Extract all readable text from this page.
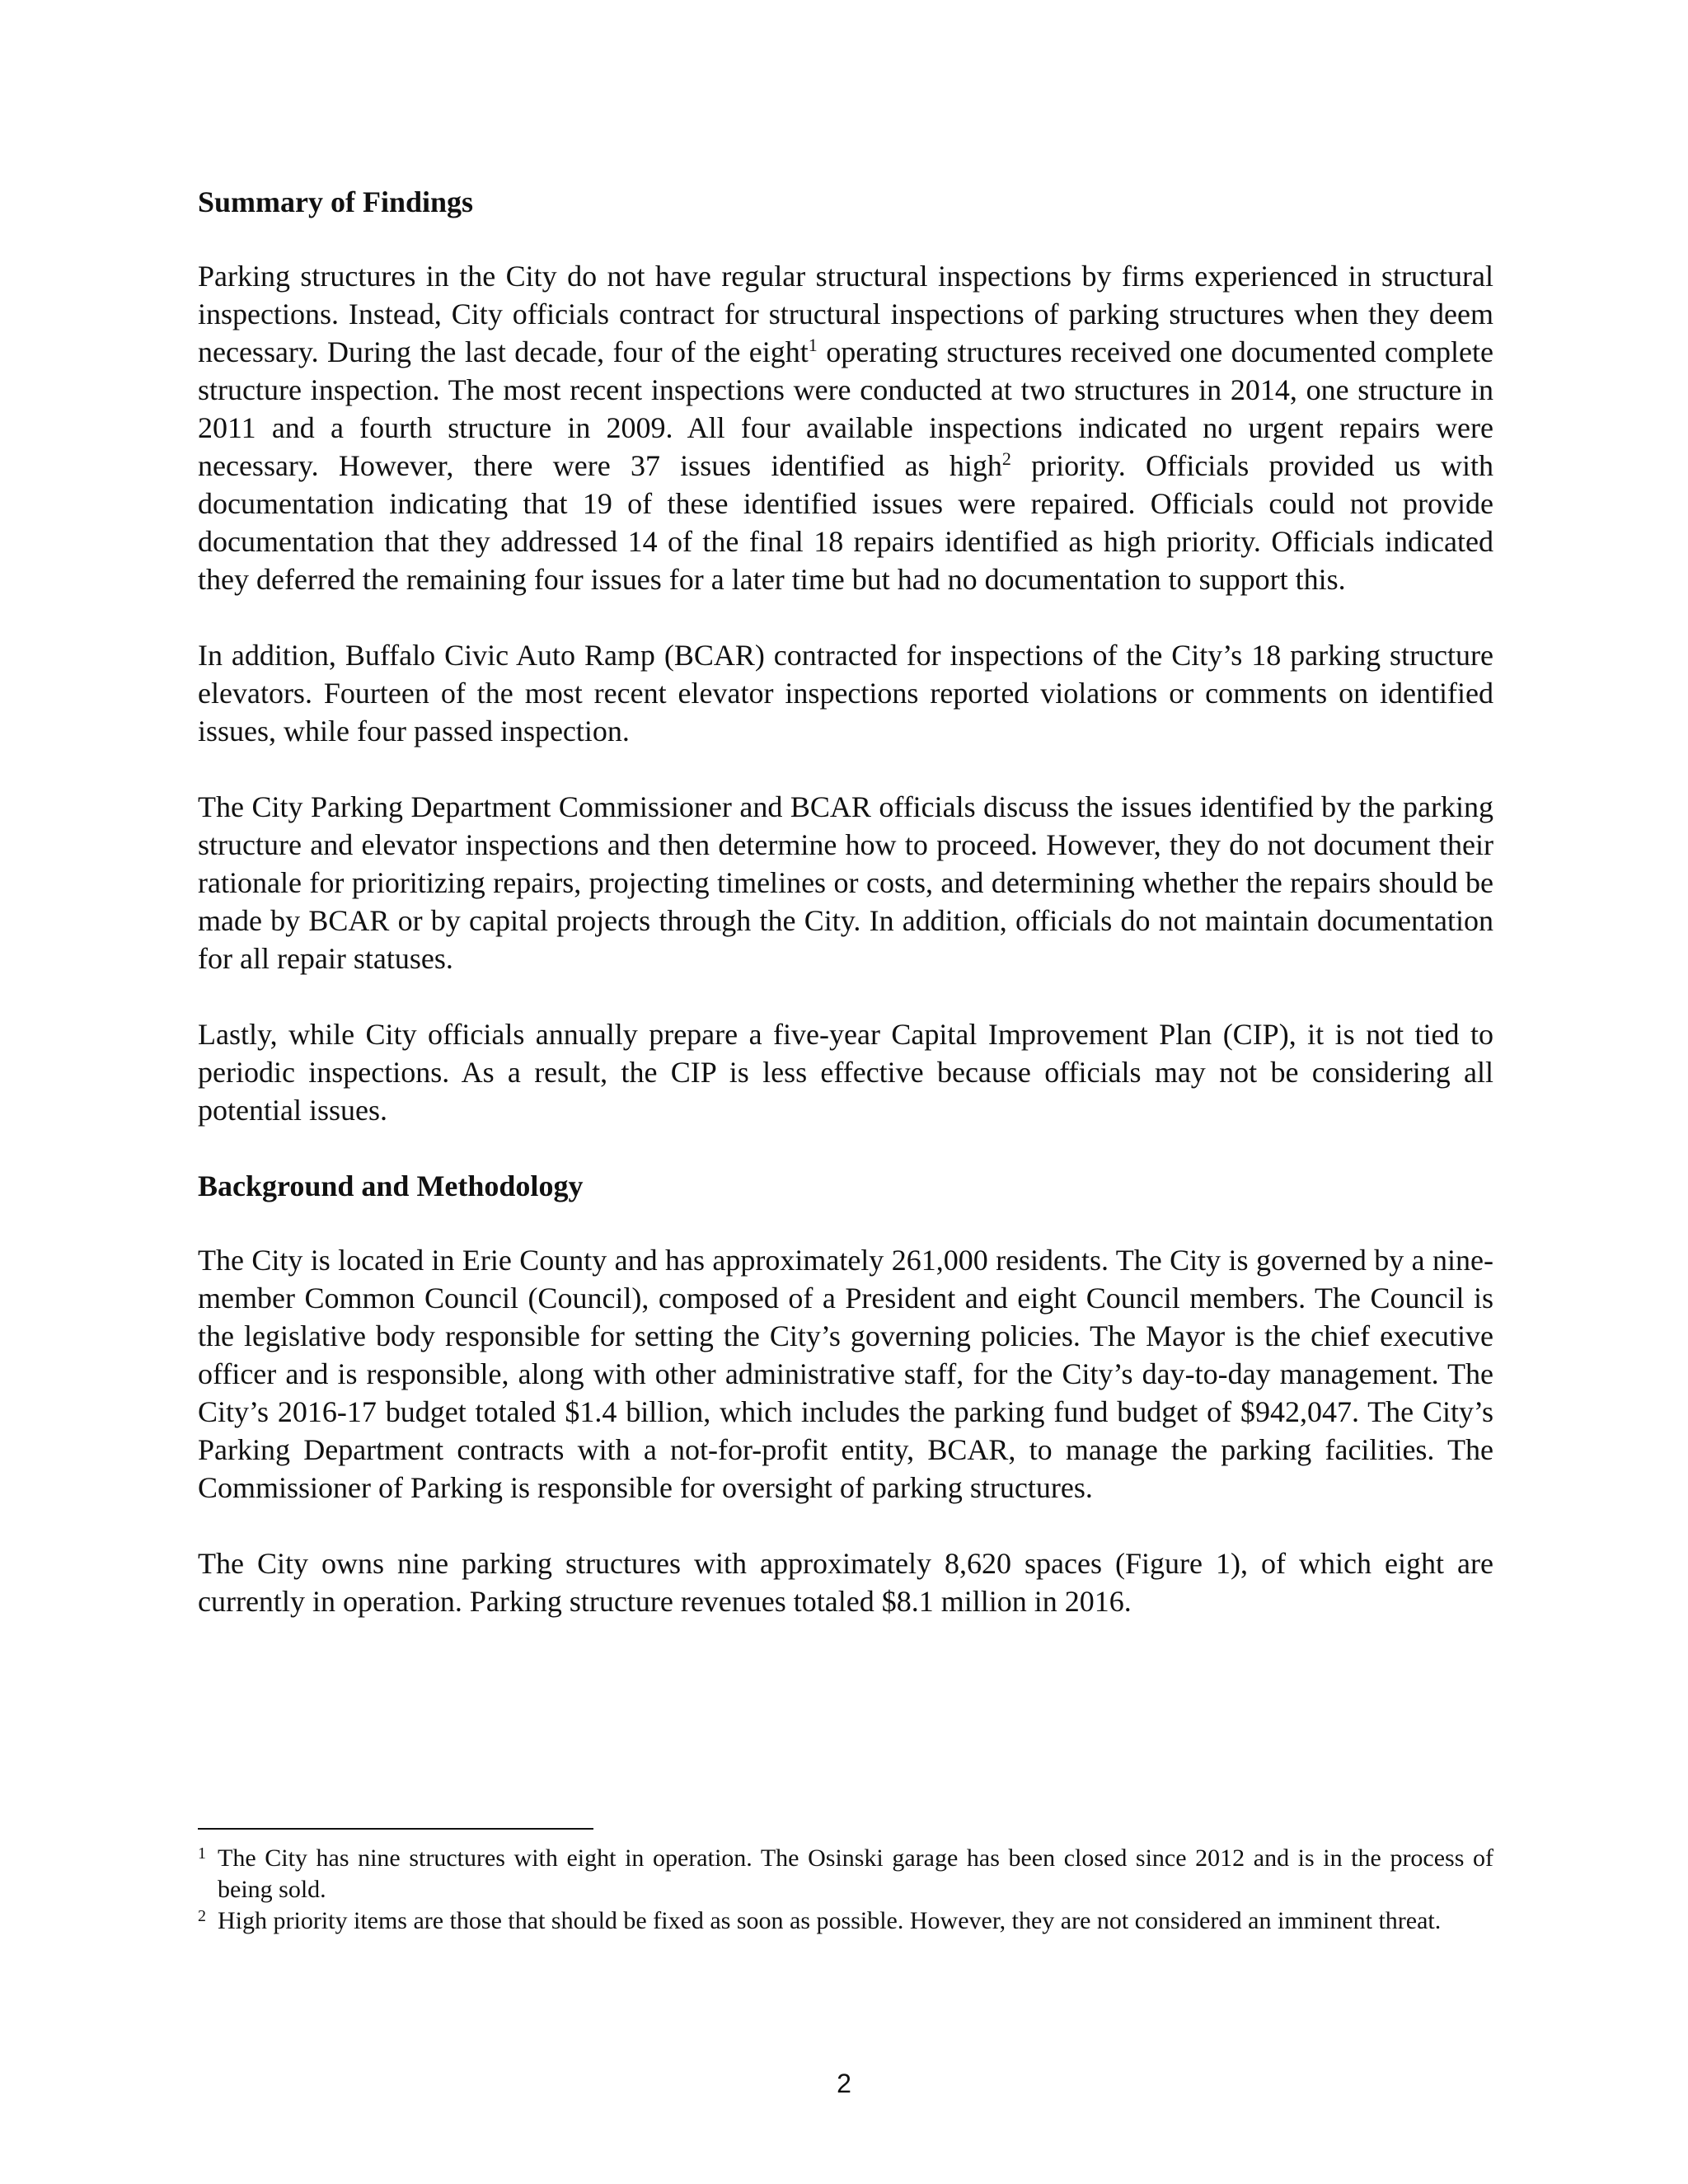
Summary of Findings

Parking structures in the City do not have regular structural inspections by firms experienced in structural inspections. Instead, City officials contract for structural inspections of parking structures when they deem necessary. During the last decade, four of the eight$^1$ operating structures received one documented complete structure inspection. The most recent inspections were conducted at two structures in 2014, one structure in 2011 and a fourth structure in 2009. All four available inspections indicated no urgent repairs were necessary. However, there were 37 issues identified as high$^2$ priority. Officials provided us with documentation indicating that 19 of these identified issues were repaired. Officials could not provide documentation that they addressed 14 of the final 18 repairs identified as high priority. Officials indicated they deferred the remaining four issues for a later time but had no documentation to support this.

In addition, Buffalo Civic Auto Ramp (BCAR) contracted for inspections of the City’s 18 parking structure elevators. Fourteen of the most recent elevator inspections reported violations or comments on identified issues, while four passed inspection.

The City Parking Department Commissioner and BCAR officials discuss the issues identified by the parking structure and elevator inspections and then determine how to proceed. However, they do not document their rationale for prioritizing repairs, projecting timelines or costs, and determining whether the repairs should be made by BCAR or by capital projects through the City. In addition, officials do not maintain documentation for all repair statuses.

Lastly, while City officials annually prepare a five-year Capital Improvement Plan (CIP), it is not tied to periodic inspections. As a result, the CIP is less effective because officials may not be considering all potential issues.

Background and Methodology

The City is located in Erie County and has approximately 261,000 residents. The City is governed by a nine-member Common Council (Council), composed of a President and eight Council members. The Council is the legislative body responsible for setting the City’s governing policies. The Mayor is the chief executive officer and is responsible, along with other administrative staff, for the City’s day-to-day management. The City’s 2016-17 budget totaled $1.4 billion, which includes the parking fund budget of $942,047. The City’s Parking Department contracts with a not-for-profit entity, BCAR, to manage the parking facilities. The Commissioner of Parking is responsible for oversight of parking structures.

The City owns nine parking structures with approximately 8,620 spaces (Figure 1), of which eight are currently in operation. Parking structure revenues totaled $8.1 million in 2016.

1 The City has nine structures with eight in operation. The Osinski garage has been closed since 2012 and is in the process of being sold.
2 High priority items are those that should be fixed as soon as possible. However, they are not considered an imminent threat.
2
